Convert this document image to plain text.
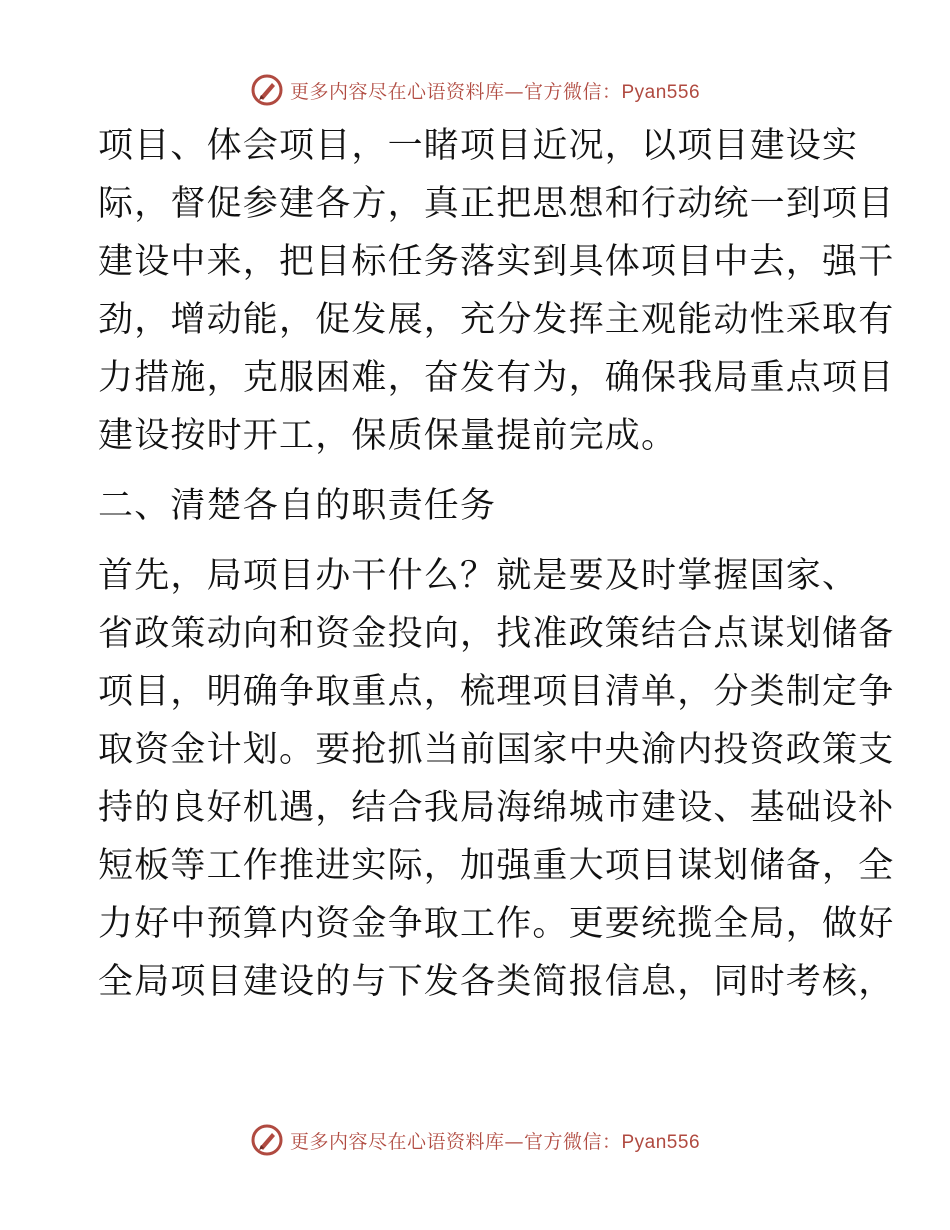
更多内容尽在心语资料库—官方微信：Pyan556
项目、体会项目，一睹项目近况，以项目建设实
际，督促参建各方，真正把思想和行动统一到项目
建设中来，把目标任务落实到具体项目中去，强干
劲，增动能，促发展，充分发挥主观能动性采取有
力措施，克服困难，奋发有为，确保我局重点项目
建设按时开工，保质保量提前完成。
二、清楚各自的职责任务
首先，局项目办干什么？就是要及时掌握国家、
省政策动向和资金投向，找准政策结合点谋划储备
项目，明确争取重点，梳理项目清单，分类制定争
取资金计划。要抢抓当前国家中央渝内投资政策支
持的良好机遇，结合我局海绵城市建设、基础设补
短板等工作推进实际，加强重大项目谋划储备，全
力好中预算内资金争取工作。更要统揽全局，做好
全局项目建设的与下发各类简报信息，同时考核，
更多内容尽在心语资料库—官方微信：Pyan556
